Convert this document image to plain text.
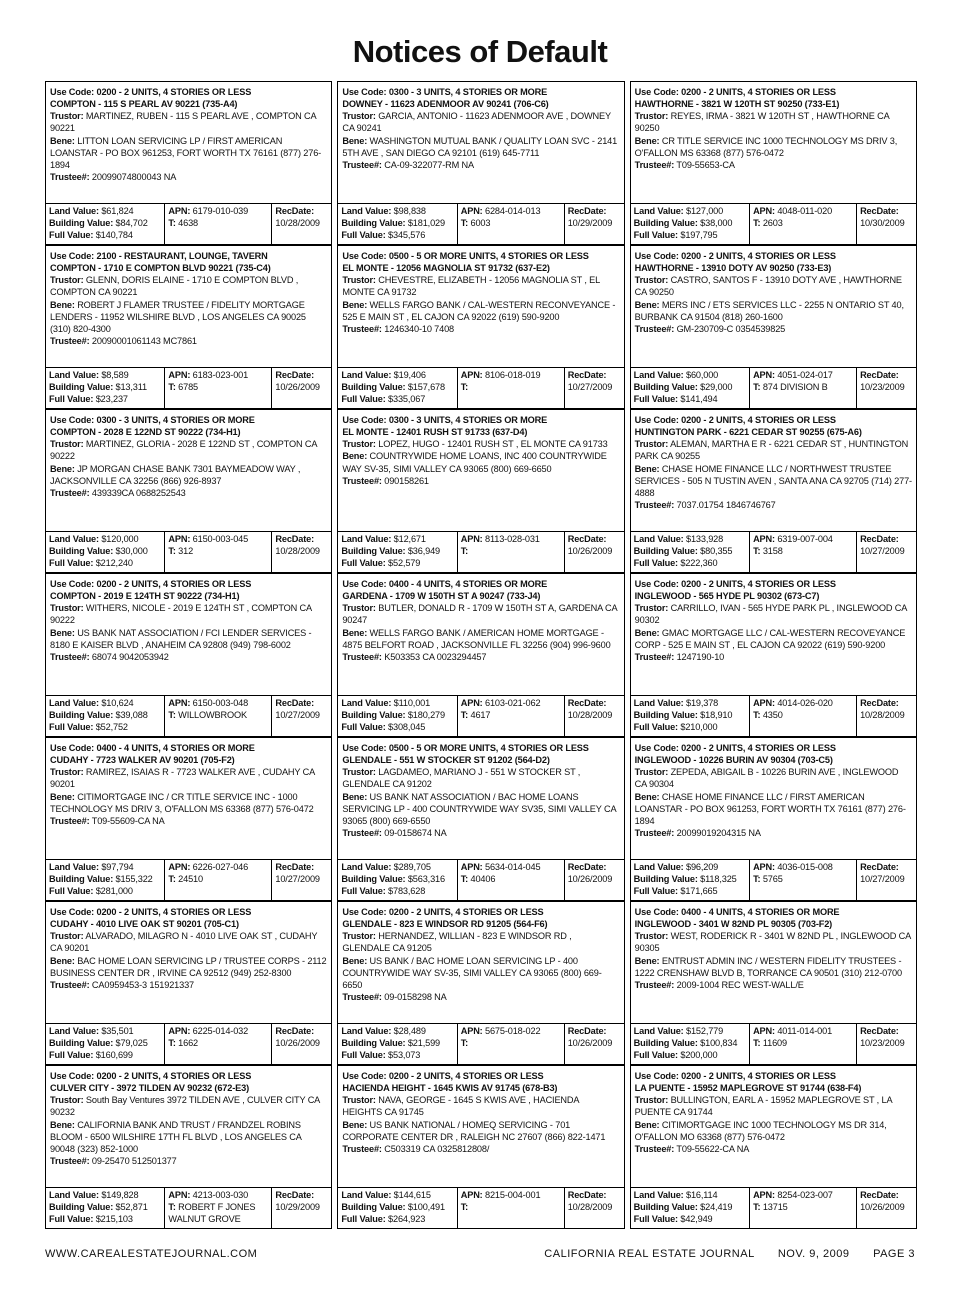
Notices of Default
Use Code: 0200 - 2 UNITS, 4 STORIES OR LESS
COMPTON - 115 S PEARL AV 90221 (735-A4)
Trustor: MARTINEZ, RUBEN - 115 S PEARL AVE , COMPTON CA 90221
Bene: LITTON LOAN SERVICING LP / FIRST AMERICAN LOANSTAR - PO BOX 961253, FORT WORTH TX 76161 (877) 276-1894
Trustee#: 20099074800043 NA
Land Value: $61,824
Building Value: $84,702
Full Value: $140,784
APN: 6179-010-039
T: 4638
RecDate:
10/28/2009
Use Code: 2100 - RESTAURANT, LOUNGE, TAVERN
COMPTON - 1710 E COMPTON BLVD 90221 (735-C4)
Trustor: GLENN, DORIS ELAINE - 1710 E COMPTON BLVD , COMPTON CA 90221
Bene: ROBERT J FLAMER TRUSTEE / FIDELITY MORTGAGE LENDERS - 11952 WILSHIRE BLVD , LOS ANGELES CA 90025 (310) 820-4300
Trustee#: 20090001061143 MC7861
Land Value: $8,589
Building Value: $13,311
Full Value: $23,237
APN: 6183-023-001
T: 6785
RecDate:
10/26/2009
Use Code: 0300 - 3 UNITS, 4 STORIES OR MORE
COMPTON - 2028 E 122ND ST 90222 (734-H1)
Trustor: MARTINEZ, GLORIA - 2028 E 122ND ST , COMPTON CA 90222
Bene: JP MORGAN CHASE BANK 7301 BAYMEADOW WAY , JACKSONVILLE CA 32256 (866) 926-8937
Trustee#: 439339CA 0688252543
Land Value: $120,000
Building Value: $30,000
Full Value: $212,240
APN: 6150-003-045
T: 312
RecDate:
10/28/2009
Use Code: 0200 - 2 UNITS, 4 STORIES OR LESS
COMPTON - 2019 E 124TH ST 90222 (734-H1)
Trustor: WITHERS, NICOLE - 2019 E 124TH ST , COMPTON CA 90222
Bene: US BANK NAT ASSOCIATION / FCI LENDER SERVICES - 8180 E KAISER BLVD , ANAHEIM CA 92808 (949) 798-6002
Trustee#: 68074 9042053942
Land Value: $10,624
Building Value: $39,088
Full Value: $52,752
APN: 6150-003-048
T: WILLOWBROOK
RecDate:
10/27/2009
Use Code: 0400 - 4 UNITS, 4 STORIES OR MORE
CUDAHY - 7723 WALKER AV 90201 (705-F2)
Trustor: RAMIREZ, ISAIAS R - 7723 WALKER AVE , CUDAHY CA 90201
Bene: CITIMORTGAGE INC / CR TITLE SERVICE INC - 1000 TECHNOLOGY MS DRIV 3, O'FALLON MS 63368 (877) 576-0472
Trustee#: T09-55609-CA NA
Land Value: $97,794
Building Value: $155,322
Full Value: $281,000
APN: 6226-027-046
T: 24510
RecDate:
10/27/2009
Use Code: 0200 - 2 UNITS, 4 STORIES OR LESS
CUDAHY - 4010 LIVE OAK ST 90201 (705-C1)
Trustor: ALVARADO, MILAGRO N - 4010 LIVE OAK ST , CUDAHY CA 90201
Bene: BAC HOME LOAN SERVICING LP / TRUSTEE CORPS - 2112 BUSINESS CENTER DR , IRVINE CA 92512 (949) 252-8300
Trustee#: CA0959453-3 151921337
Land Value: $35,501
Building Value: $79,025
Full Value: $160,699
APN: 6225-014-032
T: 1662
RecDate:
10/26/2009
Use Code: 0200 - 2 UNITS, 4 STORIES OR LESS
CULVER CITY - 3972 TILDEN AV 90232 (672-E3)
Trustor: South Bay Ventures 3972 TILDEN AVE , CULVER CITY CA 90232
Bene: CALIFORNIA BANK AND TRUST / FRANDZEL ROBINS BLOOM - 6500 WILSHIRE 17TH FL BLVD , LOS ANGELES CA 90048 (323) 852-1000
Trustee#: 09-25470 512501377
Land Value: $149,828
Building Value: $52,871
Full Value: $215,103
APN: 4213-003-030
T: ROBERT F JONES WALNUT GROVE
RecDate:
10/29/2009
Use Code: 0300 - 3 UNITS, 4 STORIES OR MORE
DOWNEY - 11623 ADENMOOR AV 90241 (706-C6)
Trustor: GARCIA, ANTONIO - 11623 ADENMOOR AVE , DOWNEY CA 90241
Bene: WASHINGTON MUTUAL BANK / QUALITY LOAN SVC - 2141 5TH AVE , SAN DIEGO CA 92101 (619) 645-7711
Trustee#: CA-09-322077-RM NA
Land Value: $98,838
Building Value: $181,029
Full Value: $345,576
APN: 6284-014-013
T: 6003
RecDate:
10/29/2009
Use Code: 0500 - 5 OR MORE UNITS, 4 STORIES OR LESS
EL MONTE - 12056 MAGNOLIA ST 91732 (637-E2)
Trustor: CHEVESTRE, ELIZABETH - 12056 MAGNOLIA ST , EL MONTE CA 91732
Bene: WELLS FARGO BANK / CAL-WESTERN RECONVEYANCE - 525 E MAIN ST , EL CAJON CA 92022 (619) 590-9200
Trustee#: 1246340-10 7408
Land Value: $19,406
Building Value: $157,678
Full Value: $335,067
APN: 8106-018-019
T:
RecDate:
10/27/2009
Use Code: 0300 - 3 UNITS, 4 STORIES OR MORE
EL MONTE - 12401 RUSH ST 91733 (637-D4)
Trustor: LOPEZ, HUGO - 12401 RUSH ST , EL MONTE CA 91733
Bene: COUNTRYWIDE HOME LOANS, INC 400 COUNTRYWIDE WAY SV-35, SIMI VALLEY CA 93065 (800) 669-6650
Trustee#: 090158261
Land Value: $12,671
Building Value: $36,949
Full Value: $52,579
APN: 8113-028-031
T:
RecDate:
10/26/2009
Use Code: 0400 - 4 UNITS, 4 STORIES OR MORE
GARDENA - 1709 W 150TH ST A 90247 (733-J4)
Trustor: BUTLER, DONALD R - 1709 W 150TH ST A, GARDENA CA 90247
Bene: WELLS FARGO BANK / AMERICAN HOME MORTGAGE - 4875 BELFORT ROAD , JACKSONVILLE FL 32256 (904) 996-9600
Trustee#: K503353 CA 0023294457
Land Value: $110,001
Building Value: $180,279
Full Value: $308,045
APN: 6103-021-062
T: 4617
RecDate:
10/28/2009
Use Code: 0500 - 5 OR MORE UNITS, 4 STORIES OR LESS
GLENDALE - 551 W STOCKER ST 91202 (564-D2)
Trustor: LAGDAMEO, MARIANO J - 551 W STOCKER ST , GLENDALE CA 91202
Bene: US BANK NAT ASSOCIATION / BAC HOME LOANS SERVICING LP - 400 COUNTRYWIDE WAY SV35, SIMI VALLEY CA 93065 (800) 669-6550
Trustee#: 09-0158674 NA
Land Value: $289,705
Building Value: $563,316
Full Value: $783,628
APN: 5634-014-045
T: 40406
RecDate:
10/26/2009
Use Code: 0200 - 2 UNITS, 4 STORIES OR LESS
GLENDALE - 823 E WINDSOR RD 91205 (564-F6)
Trustor: HERNANDEZ, WILLIAN - 823 E WINDSOR RD , GLENDALE CA 91205
Bene: US BANK / BAC HOME LOAN SERVICING LP - 400 COUNTRYWIDE WAY SV-35, SIMI VALLEY CA 93065 (800) 669-6650
Trustee#: 09-0158298 NA
Land Value: $28,489
Building Value: $21,599
Full Value: $53,073
APN: 5675-018-022
T:
RecDate:
10/26/2009
Use Code: 0200 - 2 UNITS, 4 STORIES OR LESS
HACIENDA HEIGHT - 1645 KWIS AV 91745 (678-B3)
Trustor: NAVA, GEORGE - 1645 S KWIS AVE , HACIENDA HEIGHTS CA 91745
Bene: US BANK NATIONAL / HOMEQ SERVICING - 701 CORPORATE CENTER DR , RALEIGH NC 27607 (866) 822-1471
Trustee#: C503319 CA 0325812808/
Land Value: $144,615
Building Value: $100,491
Full Value: $264,923
APN: 8215-004-001
T:
RecDate:
10/28/2009
Use Code: 0200 - 2 UNITS, 4 STORIES OR LESS
HAWTHORNE - 3821 W 120TH ST 90250 (733-E1)
Trustor: REYES, IRMA - 3821 W 120TH ST , HAWTHORNE CA 90250
Bene: CR TITLE SERVICE INC 1000 TECHNOLOGY MS DRIV 3, O'FALLON MS 63368 (877) 576-0472
Trustee#: T09-55653-CA
Land Value: $127,000
Building Value: $38,000
Full Value: $197,795
APN: 4048-011-020
T: 2603
RecDate:
10/30/2009
Use Code: 0200 - 2 UNITS, 4 STORIES OR LESS
HAWTHORNE - 13910 DOTY AV 90250 (733-E3)
Trustor: CASTRO, SANTOS F - 13910 DOTY AVE , HAWTHORNE CA 90250
Bene: MERS INC / ETS SERVICES LLC - 2255 N ONTARIO ST 40, BURBANK CA 91504 (818) 260-1600
Trustee#: GM-230709-C 0354539825
Land Value: $60,000
Building Value: $29,000
Full Value: $141,494
APN: 4051-024-017
T: 874 DIVISION B
RecDate:
10/23/2009
Use Code: 0200 - 2 UNITS, 4 STORIES OR LESS
HUNTINGTON PARK - 6221 CEDAR ST 90255 (675-A6)
Trustor: ALEMAN, MARTHA E R - 6221 CEDAR ST , HUNTINGTON PARK CA 90255
Bene: CHASE HOME FINANCE LLC / NORTHWEST TRUSTEE SERVICES - 505 N TUSTIN AVEN , SANTA ANA CA 92705 (714) 277-4888
Trustee#: 7037.01754 1846746767
Land Value: $133,928
Building Value: $80,355
Full Value: $222,360
APN: 6319-007-004
T: 3158
RecDate:
10/27/2009
Use Code: 0200 - 2 UNITS, 4 STORIES OR LESS
INGLEWOOD - 565 HYDE PL 90302 (673-C7)
Trustor: CARRILLO, IVAN - 565 HYDE PARK PL , INGLEWOOD CA 90302
Bene: GMAC MORTGAGE LLC / CAL-WESTERN RECOVEYANCE CORP - 525 E MAIN ST , EL CAJON CA 92022 (619) 590-9200
Trustee#: 1247190-10
Land Value: $19,378
Building Value: $18,910
Full Value: $210,000
APN: 4014-026-020
T: 4350
RecDate:
10/28/2009
Use Code: 0200 - 2 UNITS, 4 STORIES OR LESS
INGLEWOOD - 10226 BURIN AV 90304 (703-C5)
Trustor: ZEPEDA, ABIGAIL B - 10226 BURIN AVE , INGLEWOOD CA 90304
Bene: CHASE HOME FINANCE LLC / FIRST AMERICAN LOANSTAR - PO BOX 961253, FORT WORTH TX 76161 (877) 276-1894
Trustee#: 20099019204315 NA
Land Value: $96,209
Building Value: $118,325
Full Value: $171,665
APN: 4036-015-008
T: 5765
RecDate:
10/27/2009
Use Code: 0400 - 4 UNITS, 4 STORIES OR MORE
INGLEWOOD - 3401 W 82ND PL 90305 (703-F2)
Trustor: WEST, RODERICK R - 3401 W 82ND PL , INGLEWOOD CA 90305
Bene: ENTRUST ADMIN INC / WESTERN FIDELITY TRUSTEES - 1222 CRENSHAW BLVD B, TORRANCE CA 90501 (310) 212-0700
Trustee#: 2009-1004 REC WEST-WALL/E
Land Value: $152,779
Building Value: $100,834
Full Value: $200,000
APN: 4011-014-001
T: 11609
RecDate:
10/23/2009
Use Code: 0200 - 2 UNITS, 4 STORIES OR LESS
LA PUENTE - 15952 MAPLEGROVE ST 91744 (638-F4)
Trustor: BULLINGTON, EARL A - 15952 MAPLEGROVE ST , LA PUENTE CA 91744
Bene: CITIMORTGAGE INC 1000 TECHNOLOGY MS DR 314, O'FALLON MO 63368 (877) 576-0472
Trustee#: T09-55622-CA NA
Land Value: $16,114
Building Value: $24,419
Full Value: $42,949
APN: 8254-023-007
T: 13715
RecDate:
10/26/2009
WWW.CAREALESTATEJOURNAL.COM	CALIFORNIA REAL ESTATE JOURNAL NOV. 9, 2009 PAGE 3
